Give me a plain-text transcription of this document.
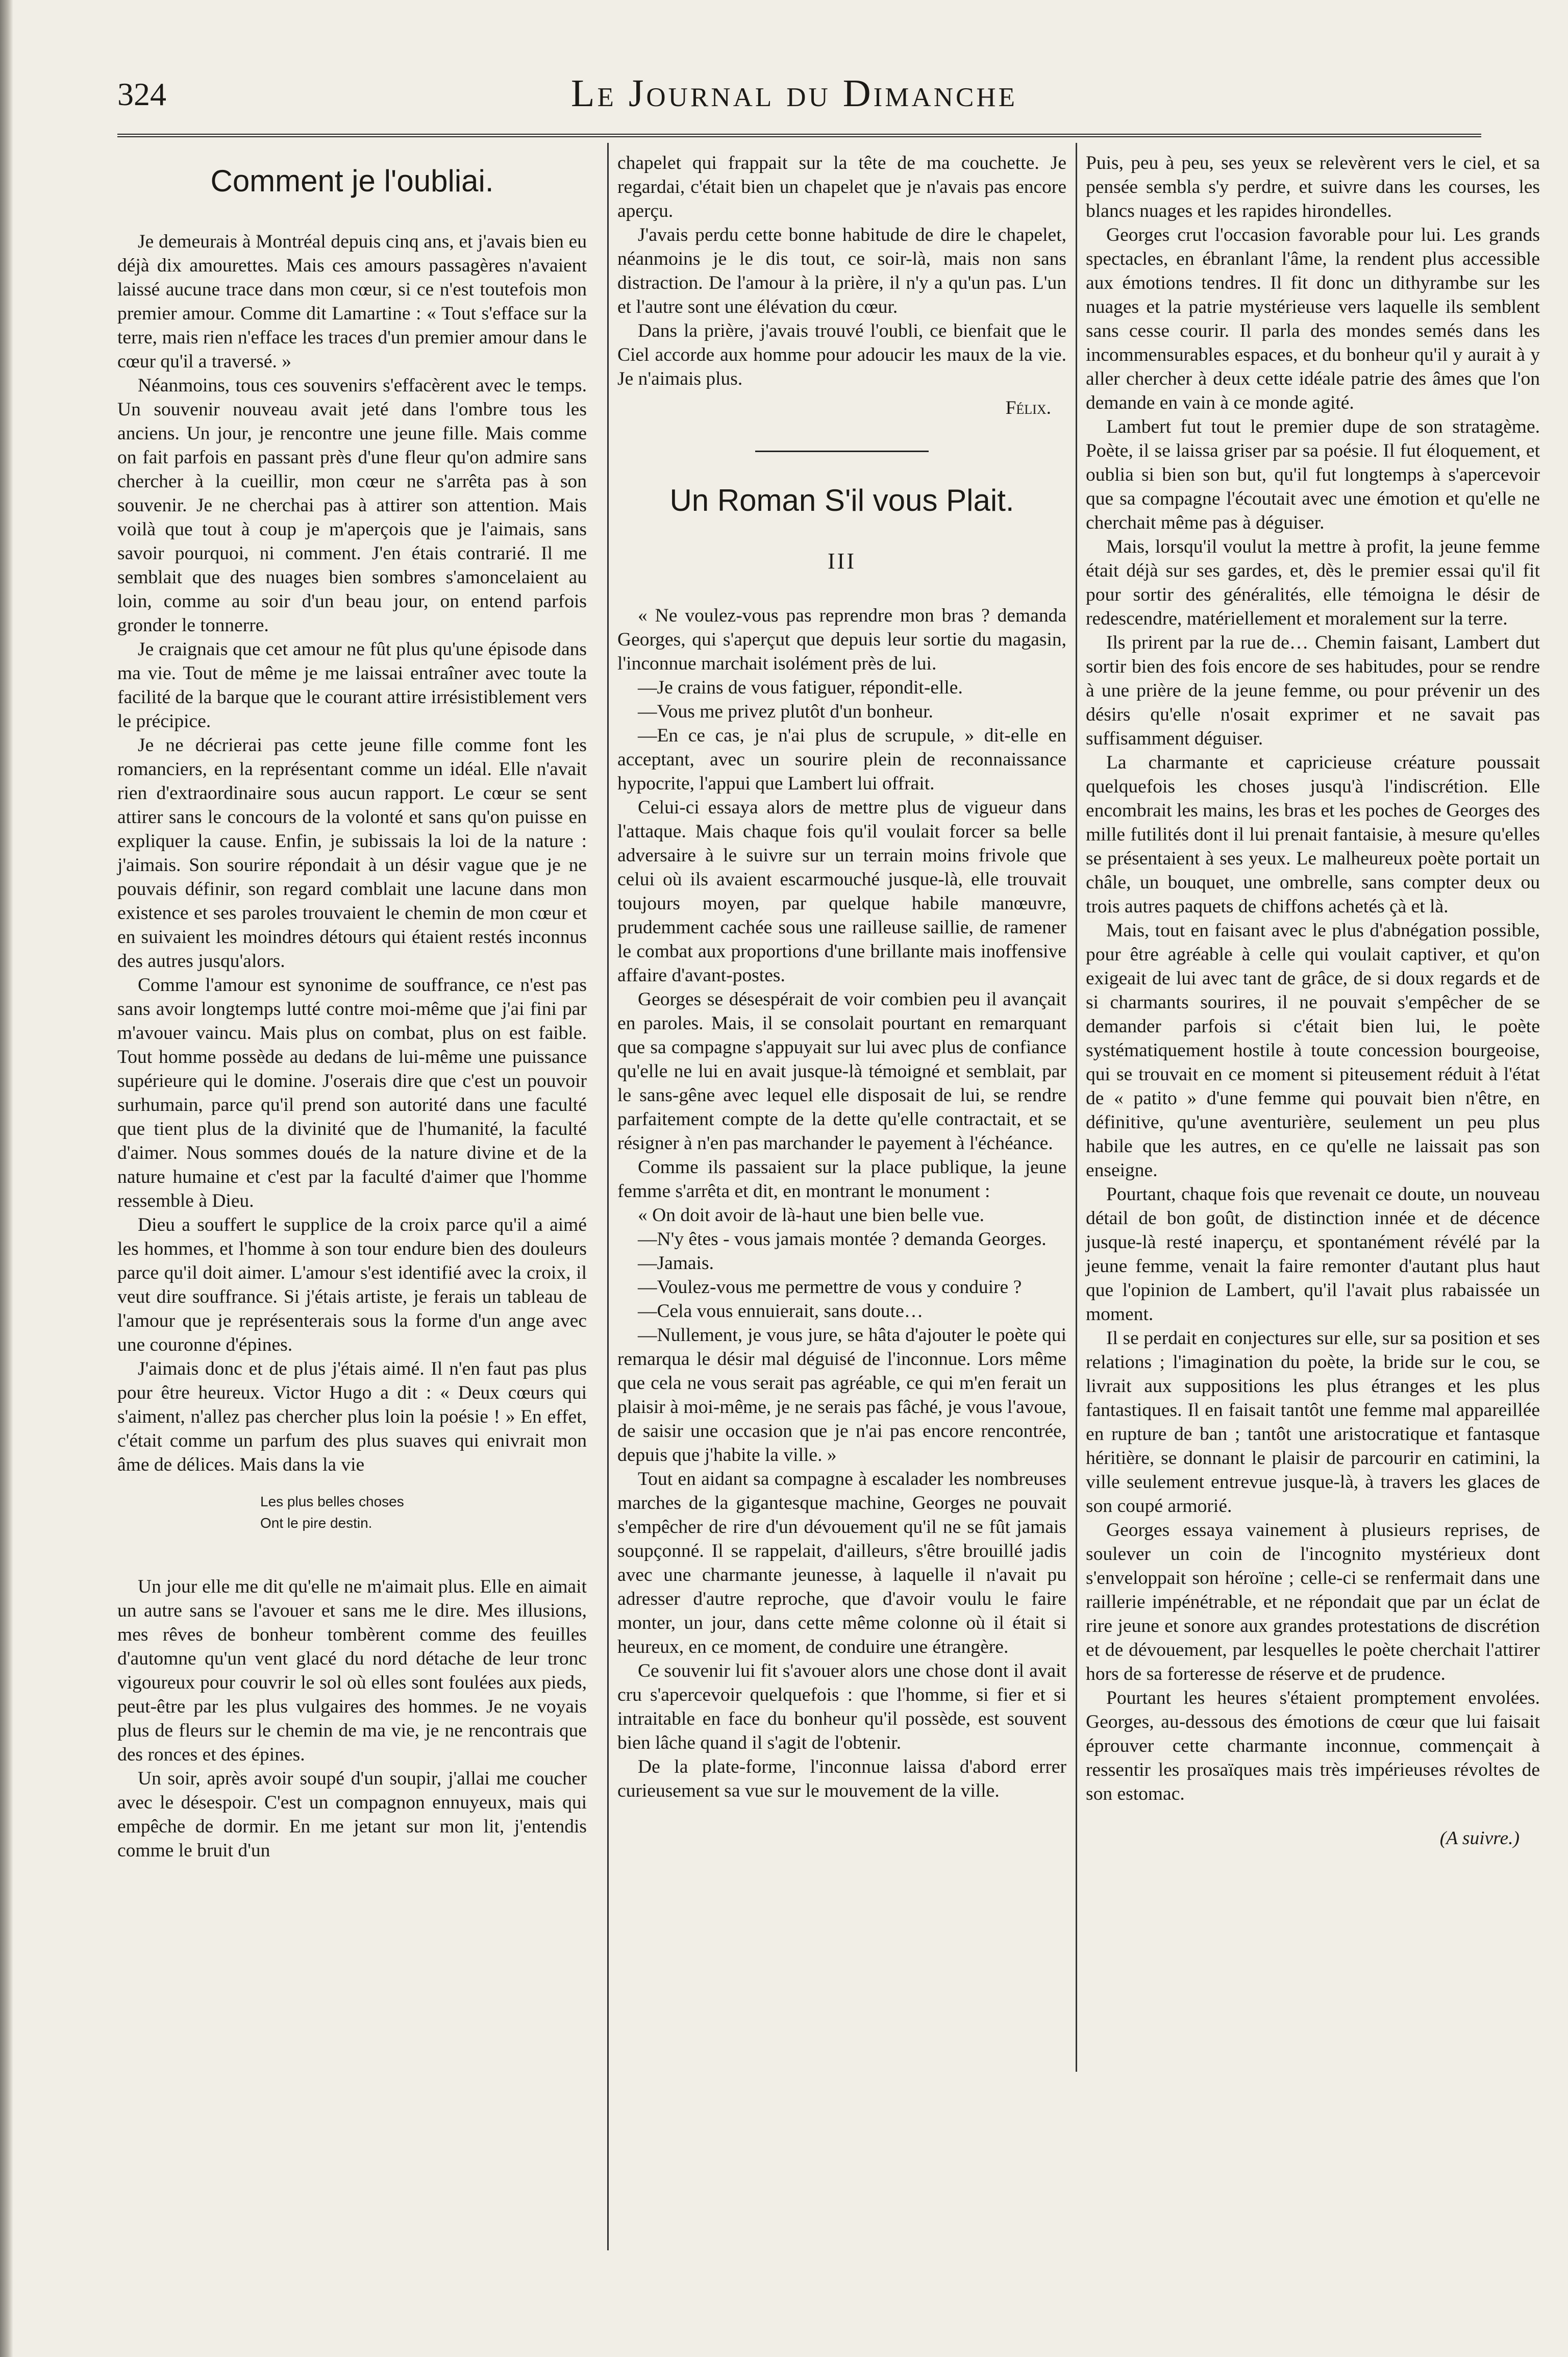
324	Le Journal du Dimanche
Comment je l'oubliai.

Je demeurais à Montréal depuis cinq ans, et j'avais bien eu déjà dix amourettes. Mais ces amours passagères n'avaient laissé aucune trace dans mon cœur, si ce n'est toutefois mon premier amour. Comme dit Lamartine : « Tout s'efface sur la terre, mais rien n'efface les traces d'un premier amour dans le cœur qu'il a traversé. »

Néanmoins, tous ces souvenirs s'effacèrent avec le temps. Un souvenir nouveau avait jeté dans l'ombre tous les anciens. Un jour, je rencontre une jeune fille. Mais comme on fait parfois en passant près d'une fleur qu'on admire sans chercher à la cueillir, mon cœur ne s'arrêta pas à son souvenir. Je ne cherchai pas à attirer son attention. Mais voilà que tout à coup je m'aperçois que je l'aimais, sans savoir pourquoi, ni comment. J'en étais contrarié. Il me semblait que des nuages bien sombres s'amoncelaient au loin, comme au soir d'un beau jour, on entend parfois gronder le tonnerre.

Je craignais que cet amour ne fût plus qu'une épisode dans ma vie. Tout de même je me laissai entraîner avec toute la facilité de la barque que le courant attire irrésistiblement vers le précipice.

Je ne décrierai pas cette jeune fille comme font les romanciers, en la représentant comme un idéal. Elle n'avait rien d'extraordinaire sous aucun rapport. Le cœur se sent attirer sans le concours de la volonté et sans qu'on puisse en expliquer la cause. Enfin, je subissais la loi de la nature : j'aimais. Son sourire répondait à un désir vague que je ne pouvais définir, son regard comblait une lacune dans mon existence et ses paroles trouvaient le chemin de mon cœur et en suivaient les moindres détours qui étaient restés inconnus des autres jusqu'alors.

Comme l'amour est synonime de souffrance, ce n'est pas sans avoir longtemps lutté contre moi-même que j'ai fini par m'avouer vaincu. Mais plus on combat, plus on est faible. Tout homme possède au dedans de lui-même une puissance supérieure qui le domine. J'oserais dire que c'est un pouvoir surhumain, parce qu'il prend son autorité dans une faculté que tient plus de la divinité que de l'humanité, la faculté d'aimer. Nous sommes doués de la nature divine et de la nature humaine et c'est par la faculté d'aimer que l'homme ressemble à Dieu.

Dieu a souffert le supplice de la croix parce qu'il a aimé les hommes, et l'homme à son tour endure bien des douleurs parce qu'il doit aimer. L'amour s'est identifié avec la croix, il veut dire souffrance. Si j'étais artiste, je ferais un tableau de l'amour que je représenterais sous la forme d'un ange avec une couronne d'épines.

J'aimais donc et de plus j'étais aimé. Il n'en faut pas plus pour être heureux. Victor Hugo a dit : « Deux cœurs qui s'aiment, n'allez pas chercher plus loin la poésie ! » En effet, c'était comme un parfum des plus suaves qui enivrait mon âme de délices. Mais dans la vie

Les plus belles choses
Ont le pire destin.

Un jour elle me dit qu'elle ne m'aimait plus. Elle en aimait un autre sans se l'avouer et sans me le dire. Mes illusions, mes rêves de bonheur tombèrent comme des feuilles d'automne qu'un vent glacé du nord détache de leur tronc vigoureux pour couvrir le sol où elles sont foulées aux pieds, peut-être par les plus vulgaires des hommes. Je ne voyais plus de fleurs sur le chemin de ma vie, je ne rencontrais que des ronces et des épines.

Un soir, après avoir soupé d'un soupir, j'allai me coucher avec le désespoir. C'est un compagnon ennuyeux, mais qui empêche de dormir. En me jetant sur mon lit, j'entendis comme le bruit d'un

chapelet qui frappait sur la tête de ma couchette. Je regardai, c'était bien un chapelet que je n'avais pas encore aperçu.

J'avais perdu cette bonne habitude de dire le chapelet, néanmoins je le dis tout, ce soir-là, mais non sans distraction. De l'amour à la prière, il n'y a qu'un pas. L'un et l'autre sont une élévation du cœur.

Dans la prière, j'avais trouvé l'oubli, ce bienfait que le Ciel accorde aux homme pour adoucir les maux de la vie. Je n'aimais plus.

Félix.
Un Roman S'il vous Plait.
III

« Ne voulez-vous pas reprendre mon bras ? demanda Georges, qui s'aperçut que depuis leur sortie du magasin, l'inconnue marchait isolément près de lui.

—Je crains de vous fatiguer, répondit-elle.

—Vous me privez plutôt d'un bonheur.

—En ce cas, je n'ai plus de scrupule, » dit-elle en acceptant, avec un sourire plein de reconnaissance hypocrite, l'appui que Lambert lui offrait.

Celui-ci essaya alors de mettre plus de vigueur dans l'attaque. Mais chaque fois qu'il voulait forcer sa belle adversaire à le suivre sur un terrain moins frivole que celui où ils avaient escarmouché jusque-là, elle trouvait toujours moyen, par quelque habile manœuvre, prudemment cachée sous une railleuse saillie, de ramener le combat aux proportions d'une brillante mais inoffensive affaire d'avant-postes.

Georges se désespérait de voir combien peu il avançait en paroles. Mais, il se consolait pourtant en remarquant que sa compagne s'appuyait sur lui avec plus de confiance qu'elle ne lui en avait jusque-là témoigné et semblait, par le sans-gêne avec lequel elle disposait de lui, se rendre parfaitement compte de la dette qu'elle contractait, et se résigner à n'en pas marchander le payement à l'échéance.

Comme ils passaient sur la place publique, la jeune femme s'arrêta et dit, en montrant le monument :

« On doit avoir de là-haut une bien belle vue.

—N'y êtes - vous jamais montée ? demanda Georges.

—Jamais.

—Voulez-vous me permettre de vous y conduire ?

—Cela vous ennuierait, sans doute…

—Nullement, je vous jure, se hâta d'ajouter le poète qui remarqua le désir mal déguisé de l'inconnue. Lors même que cela ne vous serait pas agréable, ce qui m'en ferait un plaisir à moi-même, je ne serais pas fâché, je vous l'avoue, de saisir une occasion que je n'ai pas encore rencontrée, depuis que j'habite la ville. »

Tout en aidant sa compagne à escalader les nombreuses marches de la gigantesque machine, Georges ne pouvait s'empêcher de rire d'un dévouement qu'il ne se fût jamais soupçonné. Il se rappelait, d'ailleurs, s'être brouillé jadis avec une charmante jeunesse, à laquelle il n'avait pu adresser d'autre reproche, que d'avoir voulu le faire monter, un jour, dans cette même colonne où il était si heureux, en ce moment, de conduire une étrangère.

Ce souvenir lui fit s'avouer alors une chose dont il avait cru s'apercevoir quelquefois : que l'homme, si fier et si intraitable en face du bonheur qu'il possède, est souvent bien lâche quand il s'agit de l'obtenir.

De la plate-forme, l'inconnue laissa d'abord errer curieusement sa vue sur le mouvement de la ville.

Puis, peu à peu, ses yeux se relevèrent vers le ciel, et sa pensée sembla s'y perdre, et suivre dans les courses, les blancs nuages et les rapides hirondelles.

Georges crut l'occasion favorable pour lui. Les grands spectacles, en ébranlant l'âme, la rendent plus accessible aux émotions tendres. Il fit donc un dithyrambe sur les nuages et la patrie mystérieuse vers laquelle ils semblent sans cesse courir. Il parla des mondes semés dans les incommensurables espaces, et du bonheur qu'il y aurait à y aller chercher à deux cette idéale patrie des âmes que l'on demande en vain à ce monde agité.

Lambert fut tout le premier dupe de son stratagème. Poète, il se laissa griser par sa poésie. Il fut éloquement, et oublia si bien son but, qu'il fut longtemps à s'apercevoir que sa compagne l'écoutait avec une émotion et qu'elle ne cherchait même pas à déguiser.

Mais, lorsqu'il voulut la mettre à profit, la jeune femme était déjà sur ses gardes, et, dès le premier essai qu'il fit pour sortir des généralités, elle témoigna le désir de redescendre, matériellement et moralement sur la terre.

Ils prirent par la rue de… Chemin faisant, Lambert dut sortir bien des fois encore de ses habitudes, pour se rendre à une prière de la jeune femme, ou pour prévenir un des désirs qu'elle n'osait exprimer et ne savait pas suffisamment déguiser.

La charmante et capricieuse créature poussait quelquefois les choses jusqu'à l'indiscrétion. Elle encombrait les mains, les bras et les poches de Georges des mille futilités dont il lui prenait fantaisie, à mesure qu'elles se présentaient à ses yeux. Le malheureux poète portait un châle, un bouquet, une ombrelle, sans compter deux ou trois autres paquets de chiffons achetés çà et là.

Mais, tout en faisant avec le plus d'abnégation possible, pour être agréable à celle qui voulait captiver, et qu'on exigeait de lui avec tant de grâce, de si doux regards et de si charmants sourires, il ne pouvait s'empêcher de se demander parfois si c'était bien lui, le poète systématiquement hostile à toute concession bourgeoise, qui se trouvait en ce moment si piteusement réduit à l'état de « patito » d'une femme qui pouvait bien n'être, en définitive, qu'une aventurière, seulement un peu plus habile que les autres, en ce qu'elle ne laissait pas son enseigne.

Pourtant, chaque fois que revenait ce doute, un nouveau détail de bon goût, de distinction innée et de décence jusque-là resté inaperçu, et spontanément révélé par la jeune femme, venait la faire remonter d'autant plus haut que l'opinion de Lambert, qu'il l'avait plus rabaissée un moment.

Il se perdait en conjectures sur elle, sur sa position et ses relations ; l'imagination du poète, la bride sur le cou, se livrait aux suppositions les plus étranges et les plus fantastiques. Il en faisait tantôt une femme mal appareillée en rupture de ban ; tantôt une aristocratique et fantasque héritière, se donnant le plaisir de parcourir en catimini, la ville seulement entrevue jusque-là, à travers les glaces de son coupé armorié.

Georges essaya vainement à plusieurs reprises, de soulever un coin de l'incognito mystérieux dont s'enveloppait son héroïne ; celle-ci se renfermait dans une raillerie impénétrable, et ne répondait que par un éclat de rire jeune et sonore aux grandes protestations de discrétion et de dévouement, par lesquelles le poète cherchait l'attirer hors de sa forteresse de réserve et de prudence.

Pourtant les heures s'étaient promptement envolées. Georges, au-dessous des émotions de cœur que lui faisait éprouver cette charmante inconnue, commençait à ressentir les prosaïques mais très impérieuses révoltes de son estomac.

(A suivre.)
